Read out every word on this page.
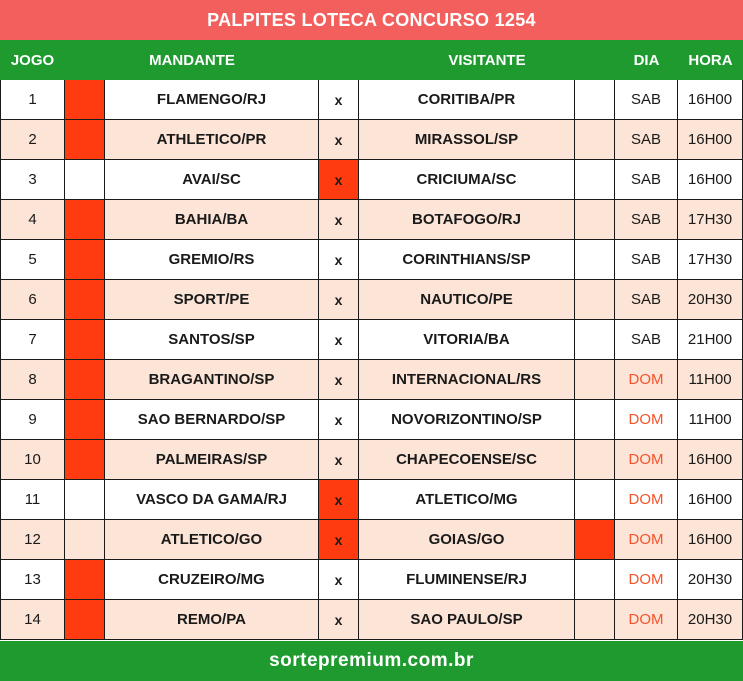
PALPITES LOTECA CONCURSO 1254
JOGO	MANDANTE	VISITANTE	DIA	HORA
1	FLAMENGO/RJ	x	CORITIBA/PR	SAB	16H00
2	ATHLETICO/PR	x	MIRASSOL/SP	SAB	16H00
3	AVAI/SC	x	CRICIUMA/SC	SAB	16H00
4	BAHIA/BA	x	BOTAFOGO/RJ	SAB	17H30
5	GREMIO/RS	x	CORINTHIANS/SP	SAB	17H30
6	SPORT/PE	x	NAUTICO/PE	SAB	20H30
7	SANTOS/SP	x	VITORIA/BA	SAB	21H00
8	BRAGANTINO/SP	x	INTERNACIONAL/RS	DOM	11H00
9	SAO BERNARDO/SP	x	NOVORIZONTINO/SP	DOM	11H00
10	PALMEIRAS/SP	x	CHAPECOENSE/SC	DOM	16H00
11	VASCO DA GAMA/RJ	x	ATLETICO/MG	DOM	16H00
12	ATLETICO/GO	x	GOIAS/GO	DOM	16H00
13	CRUZEIRO/MG	x	FLUMINENSE/RJ	DOM	20H30
14	REMO/PA	x	SAO PAULO/SP	DOM	20H30
sortepremium.com.br
